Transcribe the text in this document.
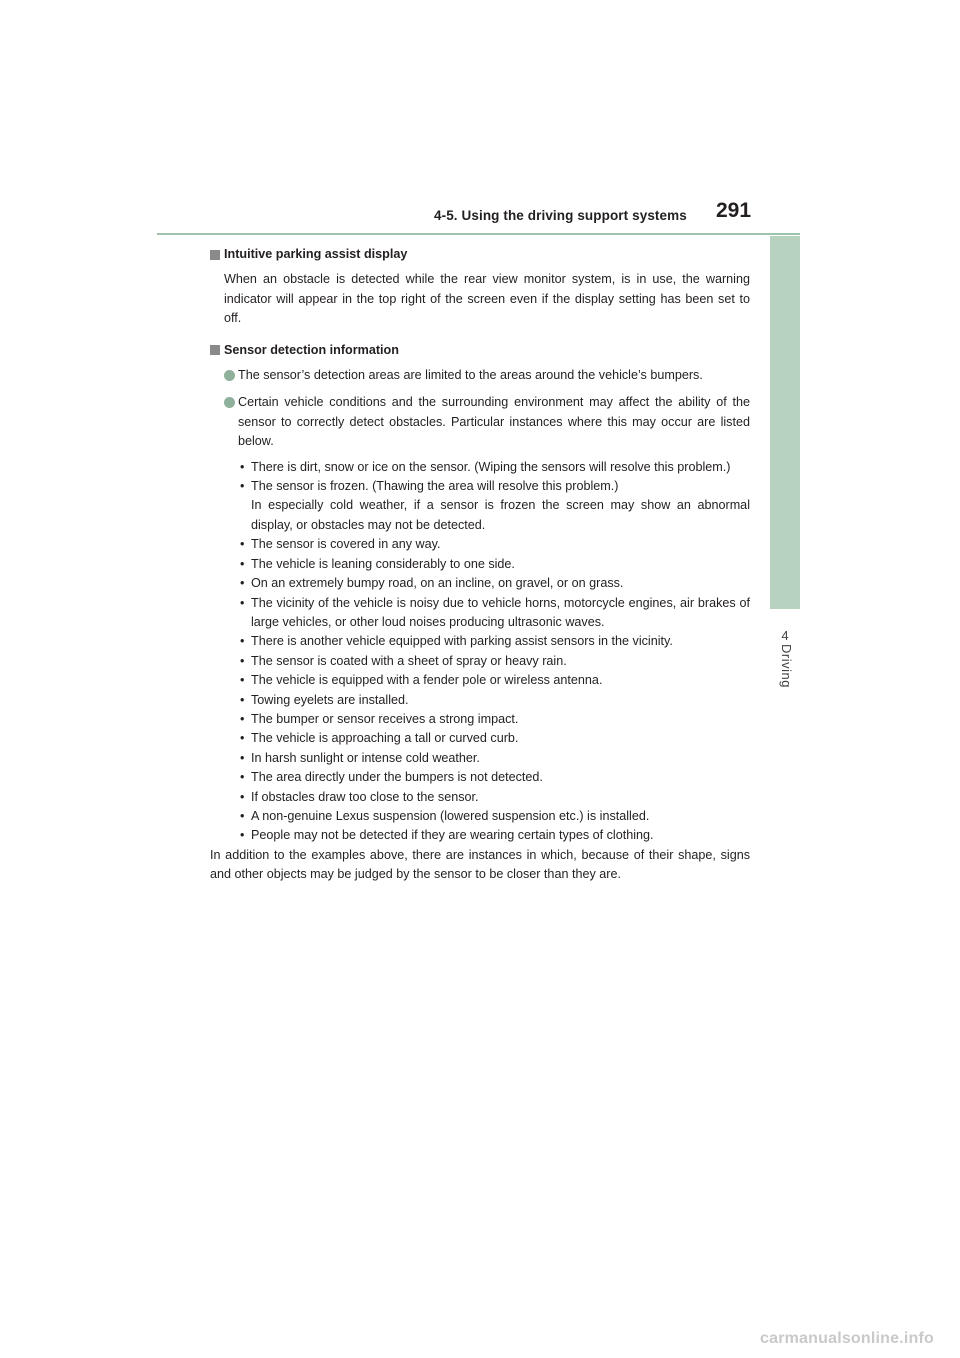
4-5. Using the driving support systems 291
4
Driving
Intuitive parking assist display
When an obstacle is detected while the rear view monitor system, is in use, the warning indicator will appear in the top right of the screen even if the display setting has been set to off.
Sensor detection information
The sensor’s detection areas are limited to the areas around the vehicle’s bumpers.
Certain vehicle conditions and the surrounding environment may affect the ability of the sensor to correctly detect obstacles. Particular instances where this may occur are listed below.
• There is dirt, snow or ice on the sensor. (Wiping the sensors will resolve this problem.)
• The sensor is frozen. (Thawing the area will resolve this problem.)
In especially cold weather, if a sensor is frozen the screen may show an abnormal display, or obstacles may not be detected.
• The sensor is covered in any way.
• The vehicle is leaning considerably to one side.
• On an extremely bumpy road, on an incline, on gravel, or on grass.
• The vicinity of the vehicle is noisy due to vehicle horns, motorcycle engines, air brakes of large vehicles, or other loud noises producing ultrasonic waves.
• There is another vehicle equipped with parking assist sensors in the vicinity.
• The sensor is coated with a sheet of spray or heavy rain.
• The vehicle is equipped with a fender pole or wireless antenna.
• Towing eyelets are installed.
• The bumper or sensor receives a strong impact.
• The vehicle is approaching a tall or curved curb.
• In harsh sunlight or intense cold weather.
• The area directly under the bumpers is not detected.
• If obstacles draw too close to the sensor.
• A non-genuine Lexus suspension (lowered suspension etc.) is installed.
• People may not be detected if they are wearing certain types of clothing.
In addition to the examples above, there are instances in which, because of their shape, signs and other objects may be judged by the sensor to be closer than they are.
carmanualsonline.info
